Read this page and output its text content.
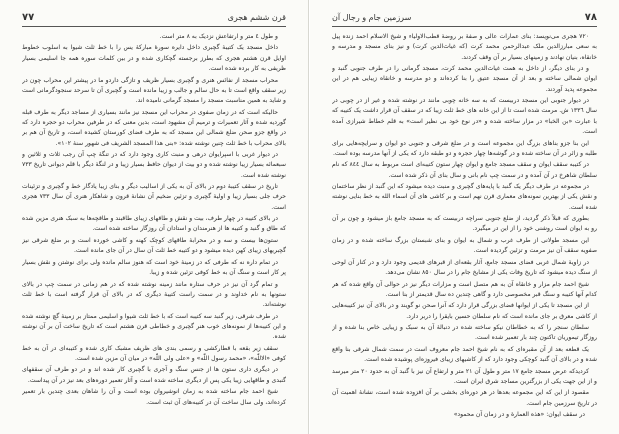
قرن ششم هجری
٧٧

و طول ٤ متر و ارتفاعش نزدیک به ٨ متر است.

داخل مسجد یک کتیبهٔ گچبری داخل دایره سورهٔ مبارکهٔ یس را با خط ثلث شیوا به اسلوب خطوط اوایل قرن هشتم هجری که بطرز برجسته گچکاری شده و در بین کلمات سوره همه جا اسلیمی بسیار ظریفی به کار برده شده است.

محراب مسجد از نفائس هنری و گچبری بسیار ظریف و تازگی داردو ما در پیشتر این محراب چون در زیر سقف واقع است تا به حال سالم و جالب و زیبا مانده است و گچبری آن تا سرحد سنجودگرمانی است و شاید به همین مناسبت مسجد را مسجد گرمانی نامیده اند.

حالیکه است که در زمان صفوی در محراب این مسجد نیز مانند بسیاری از مساجد دیگر به طرف قبله گوردیه شده و آثار تعمیرات و ترمیم آن مشهود است، بدین معنی که در طرفین محراب دو حجره دارد که در واقع جزو صحن ضلع شمالی این مسجد که به طرف فضای کورستان کشیده است، و تاریخ آن هم بر بالای محراب با خط ثلث چنین نوشته شده: «بنی هذا المسجد الشریف فی شهور سنهٔ ١٠٢».

در دیوار غربی با اسپرایوان درهی و منبت کاری وجود دارد که در تنگهٔ چپ آن رجب ثلاث و ثلاثین و سبعمائه بسیار زیبا نوشته شده و دو بیت از دیوان حافظ بسیار زیبا و در لنگهٔ دیگر با قلم دیوانی تاریخ ٧٣٣ نوشته شده است.

تاریخ در سقف کتیبهٔ دوم در بالای آن به یکی از اسالیب دیگر و بنای زیبا یادگار خط و گچبری و تزئینات حرف جلی بسیار زیبا و اولیهٔ گچبری و تزئین ضخیم آن نشانهٔ قرون و شاهکار هنری آن سال ٧٣٣ هجری است.

در بالای کتیبه در چهار طرف، بیت و نقش و طاقهای زیبای طاقبند و طاقچه‌ها به سبک هنری مزین شده که طاق و گنبد و کتیبه ها از هنرمندان و استادان آن روزگار ساخته شده است.

ستون‌ها بیست و سه و در محرابهٔ طاقهای کوچک کهنه و کاشی خورده است و بر ضلع شرقی نیز گچبریهای زیبای کهن دیده میشود و دو کتیبه خط ثلث آن سال در آن جای مانده است.

در تمام داره نه که طرفی که در زمینهٔ خود است که هنوز سالم مانده ولی برای نوشتن و نقش بسیار پر کار است و سنگ آن به خط کوفی تزئین شده و زیبا.

و تمام گرد آن نیز در حرف ستاره مانند زمینه نوشته شده که در هم زمانی در سمت چپ در بالای ستونها به نام خداوند و در سمت راست کتیبهٔ دیگری که در بالای آن قرار گرفته است با خط ثلث نوشته‌اند.

در طرف شرقی، زیر گنبد سه کتیبه است که با خط ثلث شیوا و اسلیمی ممتاز بر زمینهٔ گچ نوشته شده و این کتیبه‌ها از نمونه‌های خوب هنر گچبری و خطاطی قرن هشتم است که تاریخ ساخت آن بر آن نوشته شده.

سقف زیر بقعه با قطارکشی و رسمی بندی های ظریف مشبک کاری شده و کتیبه‌ای در آن به خط کوفی «الاللّٰه»، «محمد رسول اللّٰه» و «علی ولی اللّٰه» در میان آن مزین شده است.

در دیگری داری ستون ها از جنس سنگ و آجری با گچبری کار شده اند و در دو طرف آن سقفهای گنبدی و طاقهایی زیبا یکی پس از دیگری ساخته شده است و آثار تعمیر دوره‌های بعد نیز در آن پیداست.

شیخ احمد جام ساخته شده به زمان انوشیروان بوده است و آن را شاهان بعدی چندین بار تعمیر کرده‌اند، ولی سال ساخت آن در کتیبه‌های آن ثبت است.

٧٨
سرزمین جام و رجال آن

٧٢٠ هجری می‌نویسد: بنای عمارات عالی و صفهٔ بر روضهٔ قطب‌الاولیاء و شیخ الاسلام احمد زنده پیل به سعی مبارزالدین ملک عبدالرحمن محمد کرت (که غیاث‌الدین کرت) و نیز بنای مسجد و مدرسه و خانقاه، بنیان نهادند و زمینهای بسیار بر آن وقف کردند.

و در بنای دیگر، از داخل به همت غیاث‌الدین محمد کرت، مسجد گرمانی را در طرف جنوبی گنبد و ایوان شمالی ساخته و بعد از آن مسجد عتیق را بنا کرده‌اند و دو مدرسه و خانقاه زیبایی هم در این مجموعه پدید آوردند.

در دیوار جنوبی این مسجد دربیست که به سه خانه چوبی مانند در نوشته شده و غیر از در چوبی در سال ١٣٣٦ ش. مرمت شده است تا از این خانه های خط ثلث زیبا که در سقف آن قرار داشت یک کتیبه که با عبارت «بن الخبا» در مزار ساخته شده و «در نوع خود بی نظیر است» به قلم خطاط شیرازی آمده است.

این بنا جزو بناهای بزرگ این مجموعه است و در ضلع شرقی و جنوبی دو ایوان و سرایچه‌هایی برای طلبه و زائر در آن ساخته شده و در گوشه‌ها چهار حجره و دو طبقه دارد که یکی از آنها مدرسه بوده است.

در کتیبه سقف ایوان و سقف مسجد جامع و ایوان چهار ستون کتیبه‌ای است مربوط به سال ٨٤٤ که نام سلطان شاهرخ در آن آمده و در سمت چپ نام بانی و سال بنای آن ذکر شده است.

در مجموعه در طرف دیگر یک گنبد با پایه‌های گچبری و منبت دیده میشود که این گنبد از نظر ساختمان و نقش یکی از بهترین نمونه‌های معماری قرن نهم است و بر کاشی های آن اسماء الله به خط بنایی نوشته شده است.

بطوری که قبلاً ذکر گردید، از ضلع جنوبی سراچه دربیست که به مسجد جامع باز میشود و چون بر آن رو به ایوان است روشنی خود را از این در میگیرد.

این مسجد طولانی از طرف غرب و شمال به ایوان و بنای شبستان بزرگ ساخته شده و در زمان صفویه سقف آن نیز مرمت و تزئین گردیده است.

در زاویهٔ شمال غربی فضای مسجد جامع، آثار بقعه‌ای از قبرهای قدیمی وجود دارد و در کنار آن لوحی از سنگ دیده میشود که تاریخ وفات یکی از مشایخ جام را در سال ٨٥٠ نشان می‌دهد.

شیخ احمد جام مزار و خانقاه آن به هم متصل است و مزارات دیگر نیز در حوالی آن واقع شده که هر کدام آنها کتیبه و سنگ قبر مخصوصی دارد و گاهی چندین ده سال قدیمتر از بنا است.

از این مسجد تا یکی از ایوانها فضای بزرگی قرار دارد که آنرا صحن نو گویند و در بالای آن نیز کتیبه‌هایی از کاشی معرق بر جای مانده است که نام سلطان حسین بایقرا را دربر دارد.

سلطان سنجر را که به خطاطان نیکو ساخته شده در دنبالهٔ آن به سبک و زیبایی خاص بنا شده و از روزگار تیموریان تاکنون چند بار تعمیر شده است.

یک قطعه بعد از آن مقبره‌ای که به نام شیخ احمد جام معروف است در سمت شمال شرقی بنا واقع شده و در بالای آن گنبد کوچکی وجود دارد که از کاشیهای زیبای فیروزه‌ای پوشیده شده است.

کردیدکه عرض مسجد جامع ١٧ متر و طول آن ٢١ متر و ارتفاع آن نیز با گنبد آن به حدود ٢٠ متر میرسد و از این جهت یکی از بزرگترین مساجد شرق ایران است.

مقصود از این که این مجموعه بعدها در هر دوره‌ای بخشی بر آن افزوده شده است، نشانهٔ اهمیت آن در تاریخ سرزمین جام است.

در سقف ایوان: «هذه العمارة و در زمان آن محمود»
